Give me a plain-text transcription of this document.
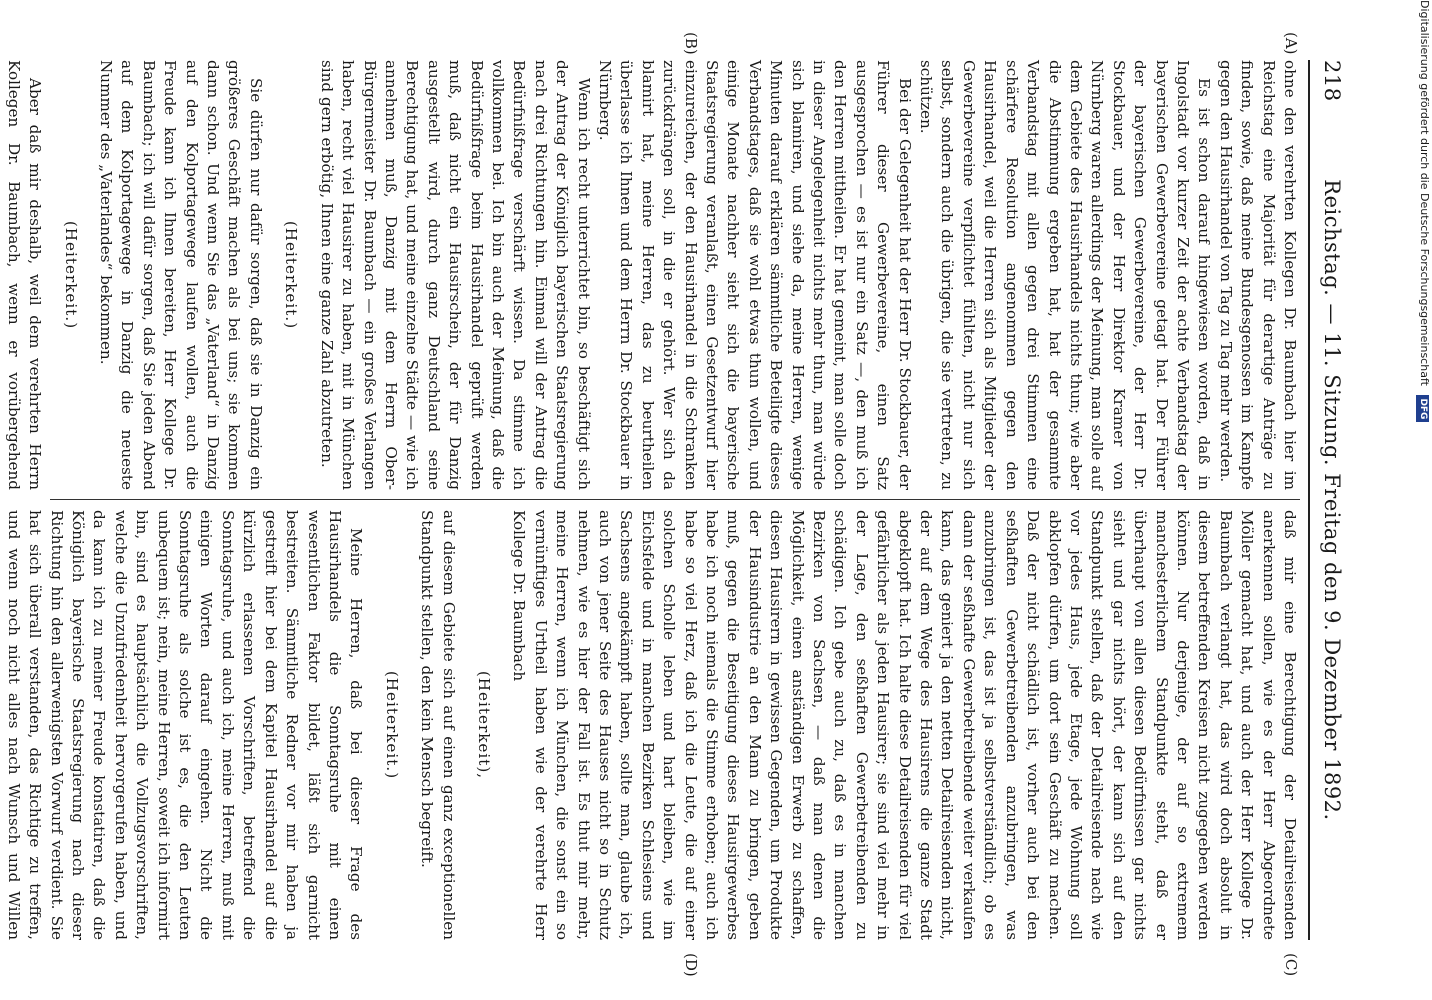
218
Reichstag. — 11. Sitzung. Freitag den 9. Dezember 1892.
(A)
(B)
(C)
(D)

ohne den verehrten Kollegen Dr. Baumbach hier im Reichstag eine Majorität für derartige Anträge zu finden, sowie, daß meine Bundesgenossen im Kampfe gegen den Hausirhandel von Tag zu Tag mehr werden.

Es ist schon darauf hingewiesen worden, daß in Ingolstadt vor kurzer Zeit der achte Verbandstag der bayerischen Gewerbevereine getagt hat. Der Führer der bayerischen Gewerbevereine, der Herr Dr. Stockbauer, und der Herr Direktor Kramer von Nürnberg waren allerdings der Meinung, man solle auf dem Gebiete des Hausirhandels nichts thun; wie aber die Abstimmung ergeben hat, hat der gesammte Verbandstag mit allen gegen drei Stimmen eine schärfere Resolution angenommen gegen den Hausirhandel, weil die Herren sich als Mitglieder der Gewerbevereine verpflichtet fühlten, nicht nur sich selbst, sondern auch die übrigen, die sie vertreten, zu schützen.

Bei der Gelegenheit hat der Herr Dr. Stockbauer, der Führer dieser Gewerbevereine, einen Satz ausgesprochen — es ist nur ein Satz —, den muß ich den Herren mittheilen. Er hat gemeint, man solle doch in dieser Angelegenheit nichts mehr thun, man würde sich blamiren, und siehe da, meine Herren, wenige Minuten darauf erklären sämmtliche Beteiligte dieses Verbandstages, daß sie wohl etwas thun wollen, und einige Monate nachher sieht sich die bayerische Staatsregierung veranlaßt, einen Gesetzentwurf hier einzureichen, der den Hausirhandel in die Schranken zurückdrängen soll, in die er gehört. Wer sich da blamirt hat, meine Herren, das zu beurtheilen überlasse ich Ihnen und dem Herrn Dr. Stockbauer in Nürnberg.

Wenn ich recht unterrichtet bin, so beschäftigt sich der Antrag der Königlich bayerischen Staatsregierung nach drei Richtungen hin. Einmal will der Antrag die Bedürfnißfrage verschärft wissen. Da stimme ich vollkommen bei. Ich bin auch der Meinung, daß die Bedürfnißfrage beim Hausirhandel geprüft werden muß, daß nicht ein Hausirschein, der für Danzig ausgestellt wird, durch ganz Deutschland seine Berechtigung hat, und meine einzelne Städte — wie ich annehmen muß, Danzig mit dem Herrn Ober-Bürgermeister Dr. Baumbach — ein großes Verlangen haben, recht viel Hausirer zu haben, mit in München sind gern erbötig, Ihnen eine ganze Zahl abzutreten.

(Heiterkeit.)

Sie dürfen nur dafür sorgen, daß sie in Danzig ein größeres Geschäft machen als bei uns; sie kommen dann schon. Und wenn Sie das „Vaterland“ in Danzig auf den Kolportagewege laufen wollen, auch die Freude kann ich Ihnen bereiten, Herr Kollege Dr. Baumbach; ich will dafür sorgen, daß Sie jeden Abend auf dem Kolportagewege in Danzig die neueste Nummer des „Vaterlandes“ bekommen.

(Heiterkeit.)

Aber daß mir deshalb, weil dem verehrten Herrn Kollegen Dr. Baumbach, wenn er vorübergehend

daß mir eine Berechtigung der Detailreisenden anerkennen sollen, wie es der Herr Abgeordnete Möller gemacht hat, und auch der Herr Kollege Dr. Baumbach verlangt hat, das wird doch absolut in diesem betreffenden Kreisen nicht zugegeben werden können. Nur derjenige, der auf so extremem manchesterlichem Standpunkte steht, daß er überhaupt von allen diesen Bedürfnissen gar nichts sieht und gar nichts hört, der kann sich auf den Standpunkt stellen, daß der Detailreisende nach wie vor jedes Haus, jede Etage, jede Wohnung soll abklopfen dürfen, um dort sein Geschäft zu machen. Daß der nicht schädlich ist, vorher auch bei den seßhaften Gewerbetreibenden anzubringen, was anzubringen ist, das ist ja selbstverständlich; ob es dann der seßhafte Gewerbetreibende weiter verkaufen kann, das geniert ja den netten Detailreisenden nicht, der auf dem Wege des Hausirens die ganze Stadt abgeklopft hat. Ich halte diese Detailreisenden für viel gefährlicher als jeden Hausirer; sie sind viel mehr in der Lage, den seßhaften Gewerbetreibenden zu schädigen. Ich gebe auch zu, daß es in manchen Bezirken von Sachsen, — daß man denen die Möglichkeit, einen anständigen Erwerb zu schaffen, diesen Hausirern in gewissen Gegenden, um Produkte der Hausindustrie an den Mann zu bringen, geben muß, gegen die Beseitigung dieses Hausirgewerbes habe ich noch niemals die Stimme erhoben; auch ich habe so viel Herz, daß ich die Leute, die auf einer solchen Scholle leben und hart bleiben, wie im Eichsfelde und in manchen Bezirken Schlesiens und Sachsens angekämpft haben, sollte man, glaube ich, auch von jener Seite des Hauses nicht so in Schutz nehmen, wie es hier der Fall ist. Es thut mir mehr, meine Herren, wenn ich München, die sonst ein so vernünftiges Urtheil haben wie der verehrte Herr Kollege Dr. Baumbach

(Heiterkeit),

auf diesem Gebiete sich auf einen ganz exceptionellen Standpunkt stellen, den kein Mensch begreift.

(Heiterkeit.)

Meine Herren, daß bei dieser Frage des Hausirhandels die Sonntagsruhe mit einen wesentlichen Faktor bildet, läßt sich garnicht bestreiten. Sämmtliche Redner vor mir haben ja gestreift hier bei dem Kapitel Hausirhandel auf die kürzlich erlassenen Vorschriften, betreffend die Sonntagsruhe, und auch ich, meine Herren, muß mit einigen Worten darauf eingehen. Nicht die Sonntagsruhe als solche ist es, die den Leuten unbequem ist; nein, meine Herren, soweit ich informirt bin, sind es hauptsächlich die Vollzugsvorschriften, welche die Unzufriedenheit hervorgerufen haben, und da kann ich zu meiner Freude konstatiren, daß die Königlich bayerische Staatsregierung nach dieser Richtung hin den allerwenigsten Vorwurf verdient. Sie hat sich überall verstanden, das Richtige zu treffen, und wenn noch nicht alles nach Wunsch und Willen

Digitalisierung gefördert durch die Deutsche Forschungsgemeinschaft DFG
